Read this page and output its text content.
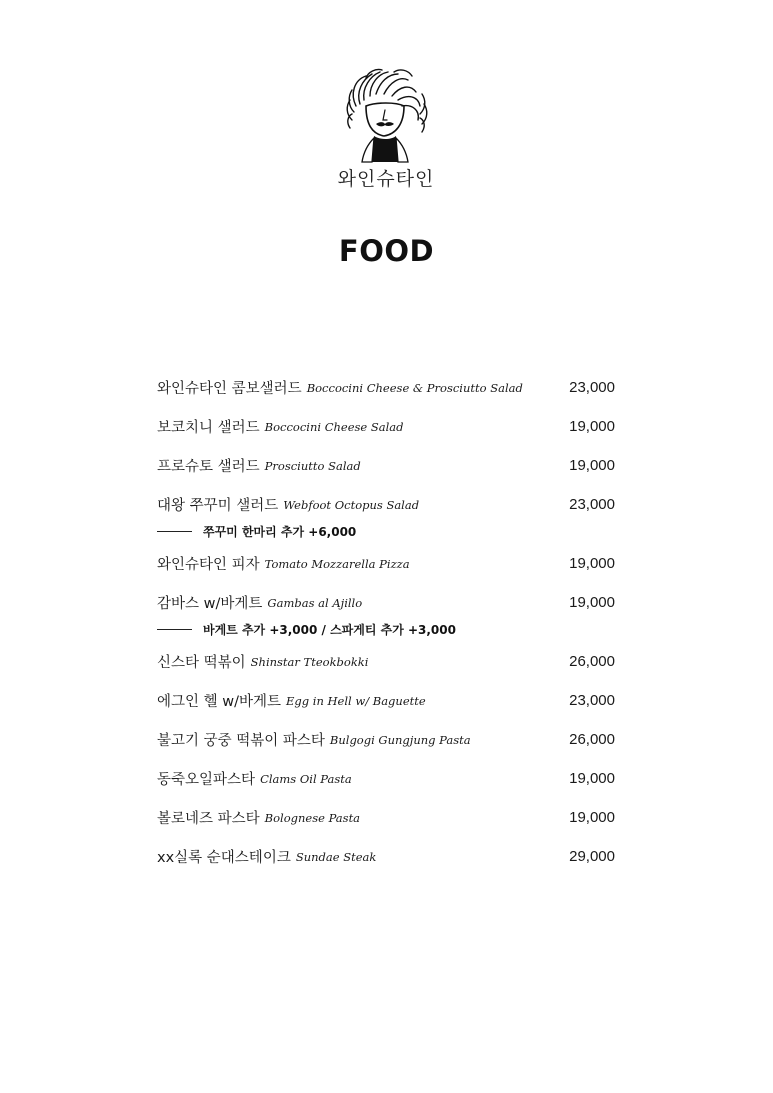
와인슈타인
FOOD
와인슈타인 콤보샐러드 Boccocini Cheese & Prosciutto Salad	23,000
보코치니 샐러드 Boccocini Cheese Salad	19,000
프로슈토 샐러드 Prosciutto Salad	19,000
대왕 쭈꾸미 샐러드 Webfoot Octopus Salad	23,000
쭈꾸미 한마리 추가 +6,000
와인슈타인 피자 Tomato Mozzarella Pizza	19,000
감바스 w/바게트 Gambas al Ajillo	19,000
바게트 추가 +3,000 / 스파게티 추가 +3,000
신스타 떡볶이 Shinstar Tteokbokki	26,000
에그인 헬 w/바게트 Egg in Hell w/ Baguette	23,000
불고기 궁중 떡볶이 파스타 Bulgogi Gungjung Pasta	26,000
동죽오일파스타 Clams Oil Pasta	19,000
볼로네즈 파스타 Bolognese Pasta	19,000
xx실록 순대스테이크 Sundae Steak	29,000
